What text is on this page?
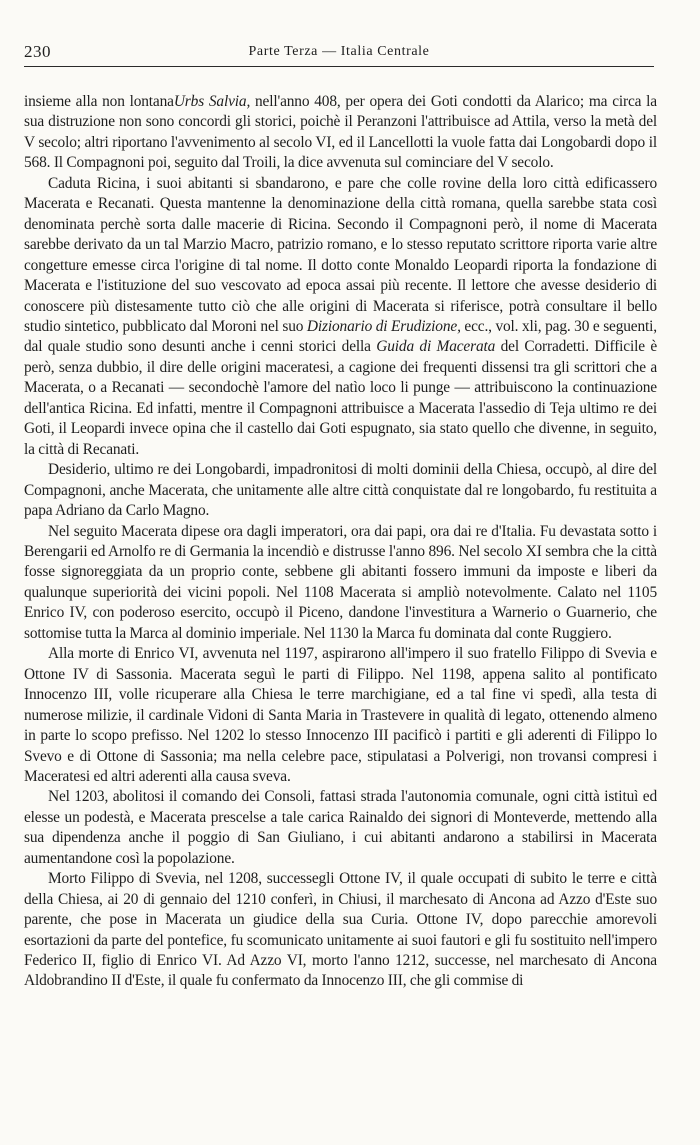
230	Parte Terza — Italia Centrale

insieme alla non lontanaUrbs Salvia, nell'anno 408, per opera dei Goti condotti da Alarico; ma circa la sua distruzione non sono concordi gli storici, poichè il Peranzoni l'attribuisce ad Attila, verso la metà del V secolo; altri riportano l'avvenimento al secolo VI, ed il Lancellotti la vuole fatta dai Longobardi dopo il 568. Il Compagnoni poi, seguito dal Troili, la dice avvenuta sul cominciare del V secolo.

Caduta Ricina, i suoi abitanti si sbandarono, e pare che colle rovine della loro città edificassero Macerata e Recanati. Questa mantenne la denominazione della città romana, quella sarebbe stata così denominata perchè sorta dalle macerie di Ricina. Secondo il Compagnoni però, il nome di Macerata sarebbe derivato da un tal Marzio Macro, patrizio romano, e lo stesso reputato scrittore riporta varie altre congetture emesse circa l'origine di tal nome. Il dotto conte Monaldo Leopardi riporta la fondazione di Macerata e l'istituzione del suo vescovato ad epoca assai più recente. Il lettore che avesse desiderio di conoscere più distesamente tutto ciò che alle origini di Macerata si riferisce, potrà consultare il bello studio sintetico, pubblicato dal Moroni nel suo Dizionario di Erudizione, ecc., vol. xli, pag. 30 e seguenti, dal quale studio sono desunti anche i cenni storici della Guida di Macerata del Corradetti. Difficile è però, senza dubbio, il dire delle origini maceratesi, a cagione dei frequenti dissensi tra gli scrittori che a Macerata, o a Recanati — secondochè l'amore del natìo loco li punge — attribuiscono la continuazione dell'antica Ricina. Ed infatti, mentre il Compagnoni attribuisce a Macerata l'assedio di Teja ultimo re dei Goti, il Leopardi invece opina che il castello dai Goti espugnato, sia stato quello che divenne, in seguito, la città di Recanati.

Desiderio, ultimo re dei Longobardi, impadronitosi di molti dominii della Chiesa, occupò, al dire del Compagnoni, anche Macerata, che unitamente alle altre città conquistate dal re longobardo, fu restituita a papa Adriano da Carlo Magno.

Nel seguito Macerata dipese ora dagli imperatori, ora dai papi, ora dai re d'Italia. Fu devastata sotto i Berengarii ed Arnolfo re di Germania la incendiò e distrusse l'anno 896. Nel secolo XI sembra che la città fosse signoreggiata da un proprio conte, sebbene gli abitanti fossero immuni da imposte e liberi da qualunque superiorità dei vicini popoli. Nel 1108 Macerata si ampliò notevolmente. Calato nel 1105 Enrico IV, con poderoso esercito, occupò il Piceno, dandone l'investitura a Warnerio o Guarnerio, che sottomise tutta la Marca al dominio imperiale. Nel 1130 la Marca fu dominata dal conte Ruggiero.

Alla morte di Enrico VI, avvenuta nel 1197, aspirarono all'impero il suo fratello Filippo di Svevia e Ottone IV di Sassonia. Macerata seguì le parti di Filippo. Nel 1198, appena salito al pontificato Innocenzo III, volle ricuperare alla Chiesa le terre marchigiane, ed a tal fine vi spedì, alla testa di numerose milizie, il cardinale Vidoni di Santa Maria in Trastevere in qualità di legato, ottenendo almeno in parte lo scopo prefisso. Nel 1202 lo stesso Innocenzo III pacificò i partiti e gli aderenti di Filippo lo Svevo e di Ottone di Sassonia; ma nella celebre pace, stipulatasi a Polverigi, non trovansi compresi i Maceratesi ed altri aderenti alla causa sveva.

Nel 1203, abolitosi il comando dei Consoli, fattasi strada l'autonomia comunale, ogni città istituì ed elesse un podestà, e Macerata prescelse a tale carica Rainaldo dei signori di Monteverde, mettendo alla sua dipendenza anche il poggio di San Giuliano, i cui abitanti andarono a stabilirsi in Macerata aumentandone così la popolazione.

Morto Filippo di Svevia, nel 1208, successegli Ottone IV, il quale occupati di subito le terre e città della Chiesa, ai 20 di gennaio del 1210 conferì, in Chiusi, il marchesato di Ancona ad Azzo d'Este suo parente, che pose in Macerata un giudice della sua Curia. Ottone IV, dopo parecchie amorevoli esortazioni da parte del pontefice, fu scomunicato unitamente ai suoi fautori e gli fu sostituito nell'impero Federico II, figlio di Enrico VI. Ad Azzo VI, morto l'anno 1212, successe, nel marchesato di Ancona Aldobrandino II d'Este, il quale fu confermato da Innocenzo III, che gli commise di
